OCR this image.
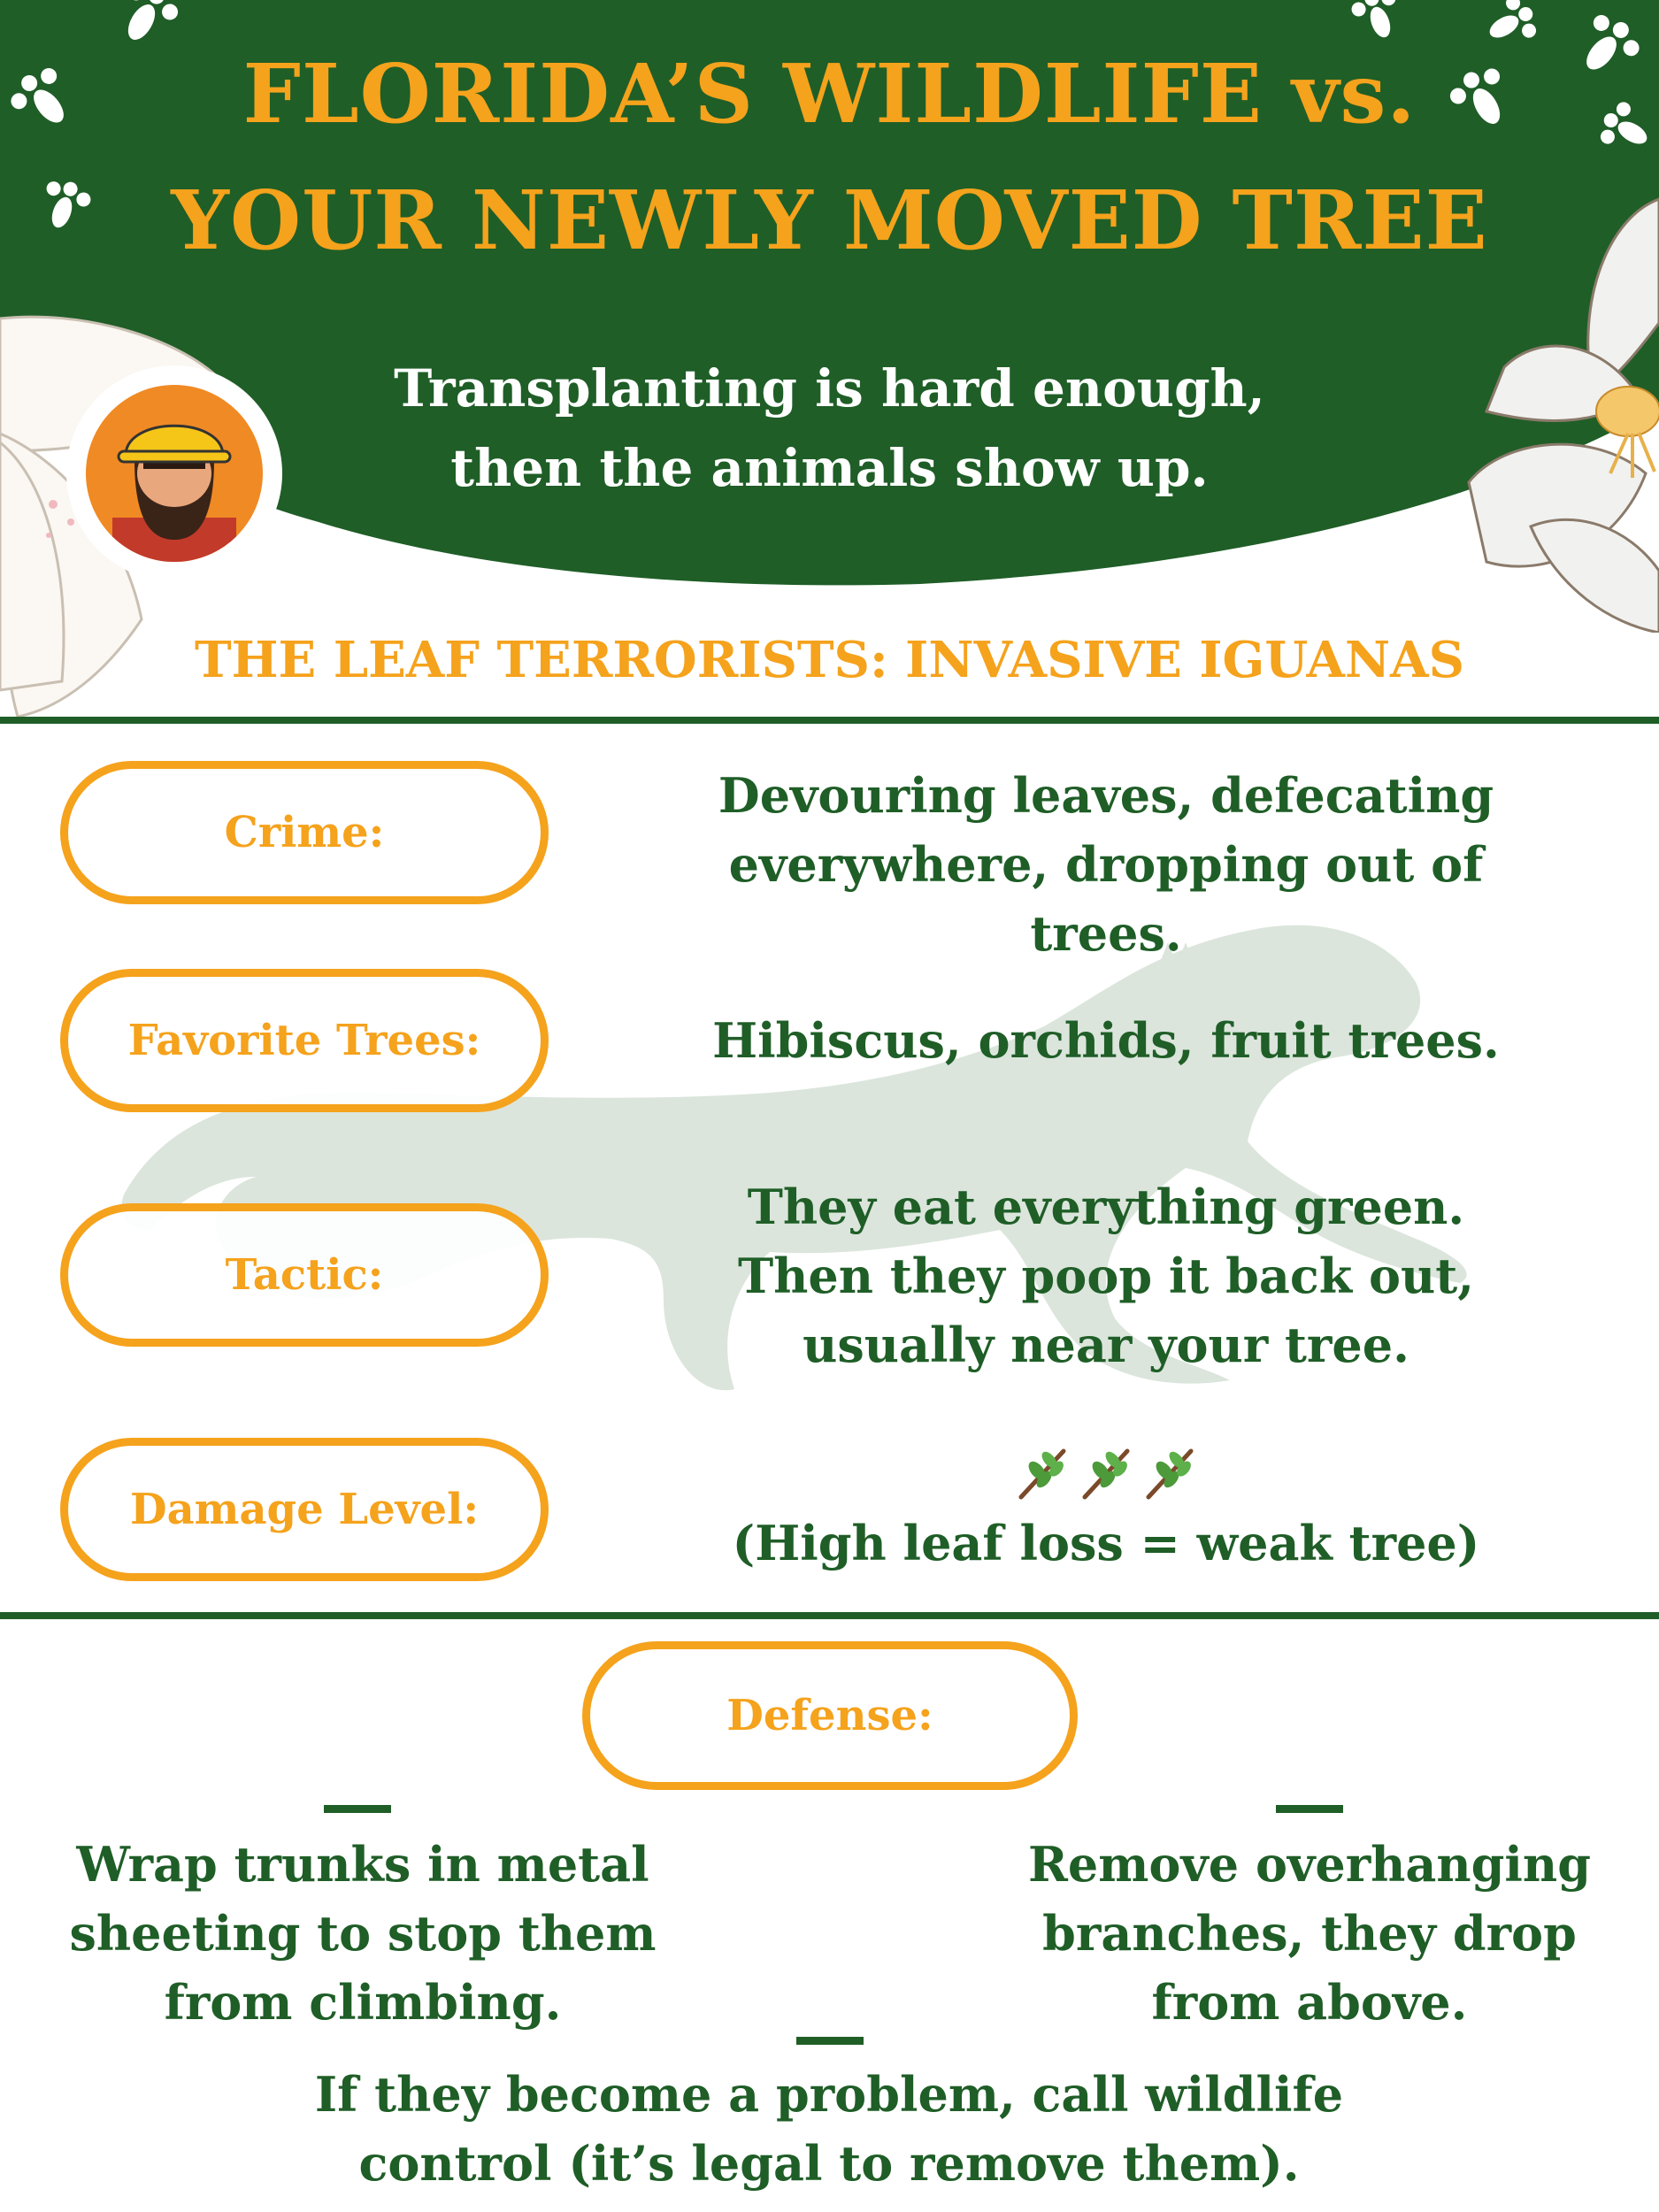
FLORIDA’S WILDLIFE vs.
YOUR NEWLY MOVED TREE
Transplanting is hard enough,
then the animals show up.
THE LEAF TERRORISTS: INVASIVE IGUANAS
Crime:
Devouring leaves, defecating
everywhere, dropping out of trees.
Favorite Trees:	Hibiscus, orchids, fruit trees.
Tactic:
They eat everything green.
Then they poop it back out,
usually near your tree.
Damage Level:
(High leaf loss = weak tree)
Defense:
Wrap trunks in metal
sheeting to stop them
from climbing.
Remove overhanging
branches, they drop
from above.
If they become a problem, call wildlife
control (it’s legal to remove them).
